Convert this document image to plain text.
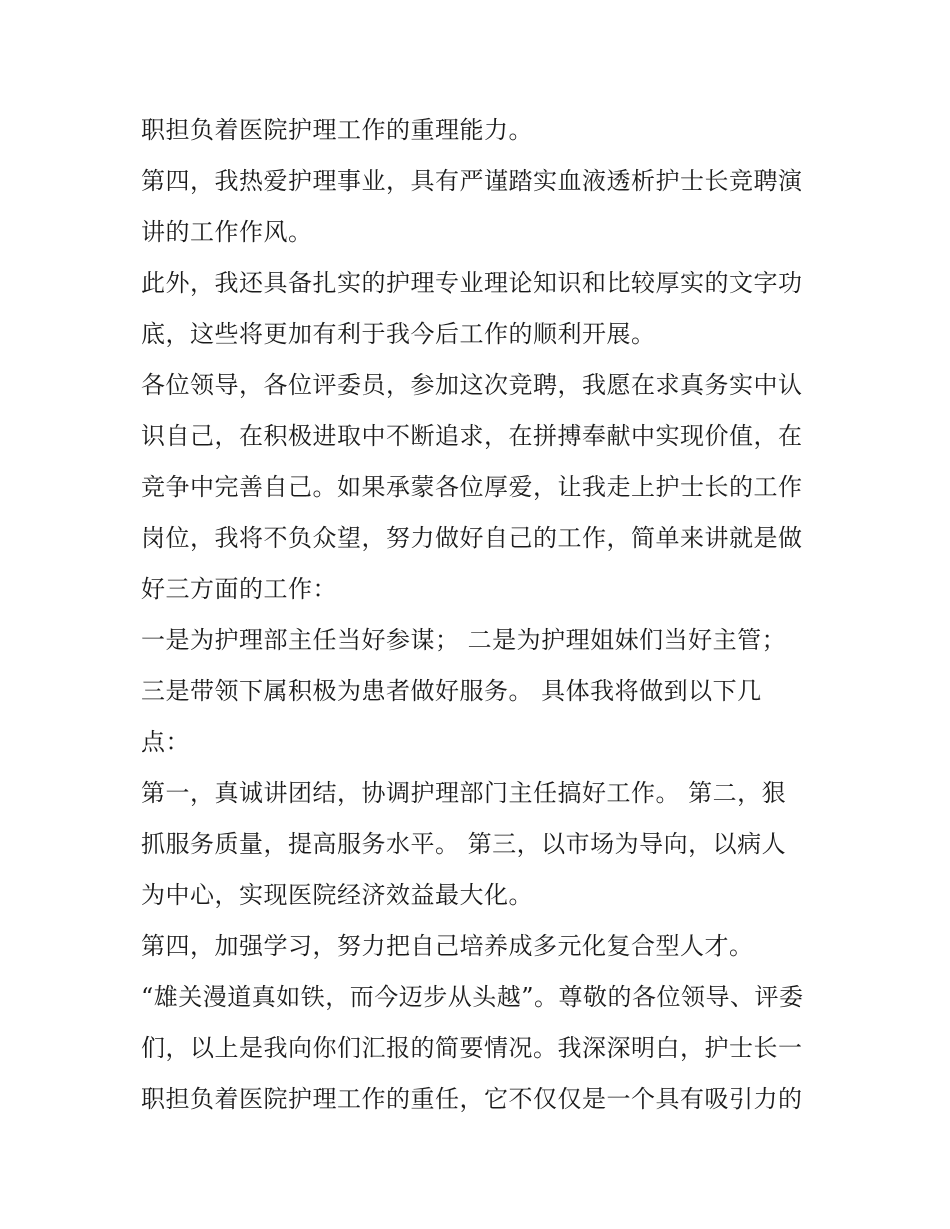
职担负着医院护理工作的重理能力。
第四，我热爱护理事业，具有严谨踏实血液透析护士长竞聘演
讲的工作作风。
此外，我还具备扎实的护理专业理论知识和比较厚实的文字功
底，这些将更加有利于我今后工作的顺利开展。
各位领导，各位评委员，参加这次竞聘，我愿在求真务实中认
识自己，在积极进取中不断追求，在拼搏奉献中实现价值，在
竞争中完善自己。如果承蒙各位厚爱，让我走上护士长的工作
岗位，我将不负众望，努力做好自己的工作，简单来讲就是做
好三方面的工作：
一是为护理部主任当好参谋； 二是为护理姐妹们当好主管；
三是带领下属积极为患者做好服务。 具体我将做到以下几
点：
第一，真诚讲团结，协调护理部门主任搞好工作。 第二，狠
抓服务质量，提高服务水平。 第三，以市场为导向，以病人
为中心，实现医院经济效益最大化。
第四，加强学习，努力把自己培养成多元化复合型人才。
“雄关漫道真如铁，而今迈步从头越”。尊敬的各位领导、评委
们，以上是我向你们汇报的简要情况。我深深明白，护士长一
职担负着医院护理工作的重任，它不仅仅是一个具有吸引力的
